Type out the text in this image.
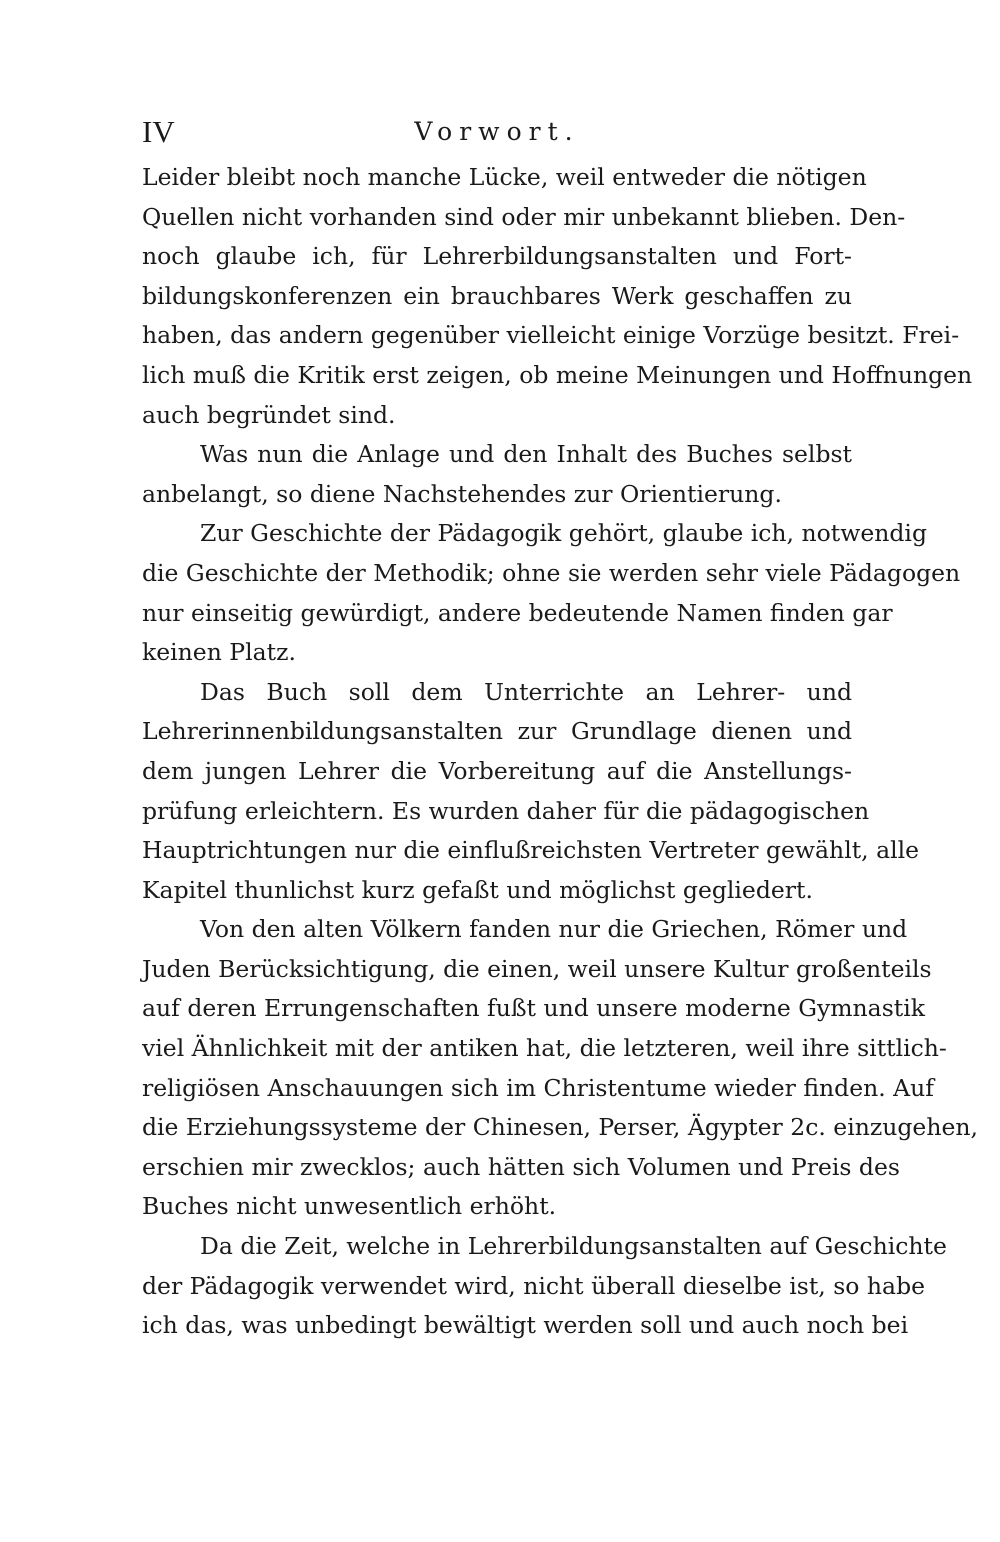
IV	Vorwort.
Leider bleibt noch manche Lücke, weil entweder die nötigen
Quellen nicht vorhanden sind oder mir unbekannt blieben. Den-
noch glaube ich, für Lehrerbildungsanstalten und Fort-
bildungskonferenzen ein brauchbares Werk geschaffen zu
haben, das andern gegenüber vielleicht einige Vorzüge besitzt. Frei-
lich muß die Kritik erst zeigen, ob meine Meinungen und Hoffnungen
auch begründet sind.
Was nun die Anlage und den Inhalt des Buches selbst
anbelangt, so diene Nachstehendes zur Orientierung.
Zur Geschichte der Pädagogik gehört, glaube ich, notwendig
die Geschichte der Methodik; ohne sie werden sehr viele Pädagogen
nur einseitig gewürdigt, andere bedeutende Namen finden gar
keinen Platz.
Das Buch soll dem Unterrichte an Lehrer- und
Lehrerinnenbildungsanstalten zur Grundlage dienen und
dem jungen Lehrer die Vorbereitung auf die Anstellungs-
prüfung erleichtern. Es wurden daher für die pädagogischen
Hauptrichtungen nur die einflußreichsten Vertreter gewählt, alle
Kapitel thunlichst kurz gefaßt und möglichst gegliedert.
Von den alten Völkern fanden nur die Griechen, Römer und
Juden Berücksichtigung, die einen, weil unsere Kultur großenteils
auf deren Errungenschaften fußt und unsere moderne Gymnastik
viel Ähnlichkeit mit der antiken hat, die letzteren, weil ihre sittlich-
religiösen Anschauungen sich im Christentume wieder finden. Auf
die Erziehungssysteme der Chinesen, Perser, Ägypter 2c. einzugehen,
erschien mir zwecklos; auch hätten sich Volumen und Preis des
Buches nicht unwesentlich erhöht.
Da die Zeit, welche in Lehrerbildungsanstalten auf Geschichte
der Pädagogik verwendet wird, nicht überall dieselbe ist, so habe
ich das, was unbedingt bewältigt werden soll und auch noch bei
